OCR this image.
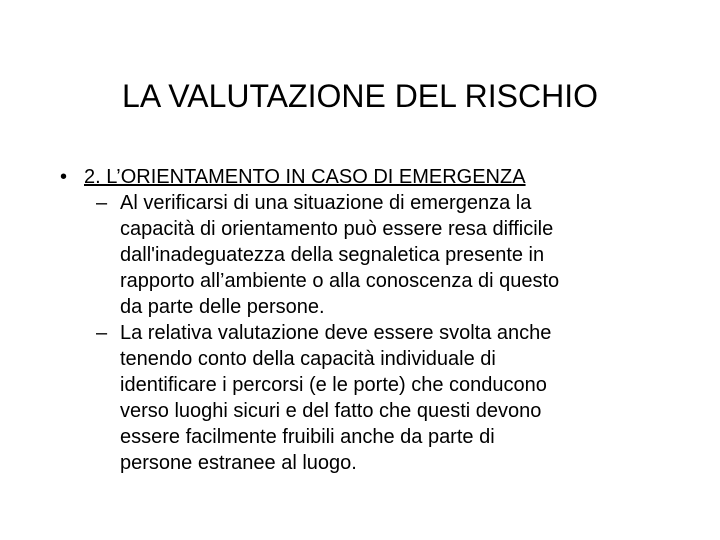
LA VALUTAZIONE DEL RISCHIO
• 2. L’ORIENTAMENTO IN CASO DI EMERGENZA
– Al verificarsi di una situazione di emergenza la
capacità di orientamento può essere resa difficile
dall'inadeguatezza della segnaletica presente in
rapporto all’ambiente o alla conoscenza di questo
da parte delle persone.
– La relativa valutazione deve essere svolta anche
tenendo conto della capacità individuale di
identificare i percorsi (e le porte) che conducono
verso luoghi sicuri e del fatto che questi devono
essere facilmente fruibili anche da parte di
persone estranee al luogo.
